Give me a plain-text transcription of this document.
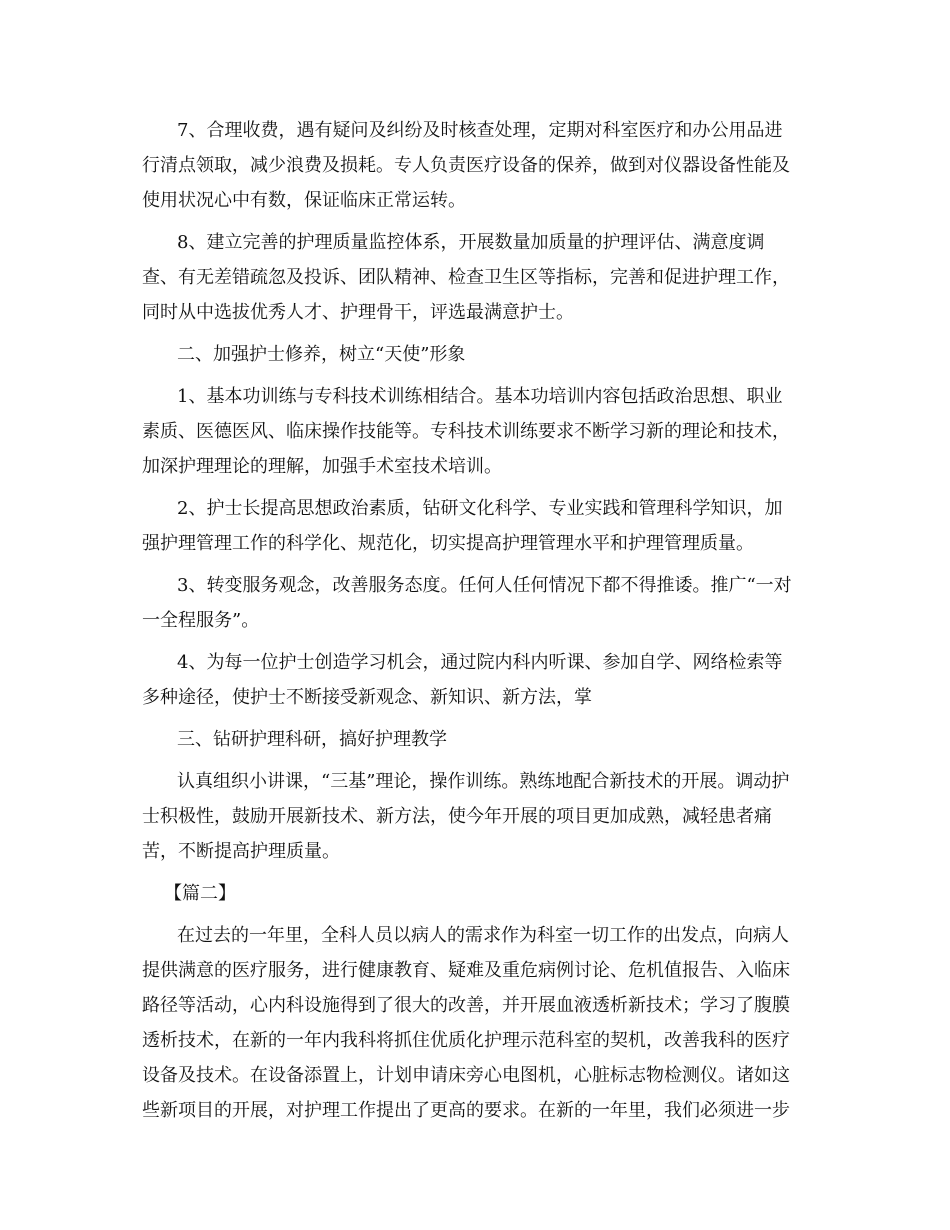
7、合理收费，遇有疑问及纠纷及时核查处理，定期对科室医疗和办公用品进
行清点领取，减少浪费及损耗。专人负责医疗设备的保养，做到对仪器设备性能及
使用状况心中有数，保证临床正常运转。
8、建立完善的护理质量监控体系，开展数量加质量的护理评估、满意度调
查、有无差错疏忽及投诉、团队精神、检查卫生区等指标，完善和促进护理工作，
同时从中选拔优秀人才、护理骨干，评选最满意护士。
二、加强护士修养，树立“天使”形象
1、基本功训练与专科技术训练相结合。基本功培训内容包括政治思想、职业
素质、医德医风、临床操作技能等。专科技术训练要求不断学习新的理论和技术，
加深护理理论的理解，加强手术室技术培训。
2、护士长提高思想政治素质，钻研文化科学、专业实践和管理科学知识，加
强护理管理工作的科学化、规范化，切实提高护理管理水平和护理管理质量。
3、转变服务观念，改善服务态度。任何人任何情况下都不得推诿。推广“一对
一全程服务”。
4、为每一位护士创造学习机会，通过院内科内听课、参加自学、网络检索等
多种途径，使护士不断接受新观念、新知识、新方法，掌
三、钻研护理科研，搞好护理教学
认真组织小讲课，“三基”理论，操作训练。熟练地配合新技术的开展。调动护
士积极性，鼓励开展新技术、新方法，使今年开展的项目更加成熟，减轻患者痛
苦，不断提高护理质量。
【篇二】
在过去的一年里，全科人员以病人的需求作为科室一切工作的出发点，向病人
提供满意的医疗服务，进行健康教育、疑难及重危病例讨论、危机值报告、入临床
路径等活动，心内科设施得到了很大的改善，并开展血液透析新技术；学习了腹膜
透析技术，在新的一年内我科将抓住优质化护理示范科室的契机，改善我科的医疗
设备及技术。在设备添置上，计划申请床旁心电图机，心脏标志物检测仪。诸如这
些新项目的开展，对护理工作提出了更高的要求。在新的一年里，我们必须进一步
